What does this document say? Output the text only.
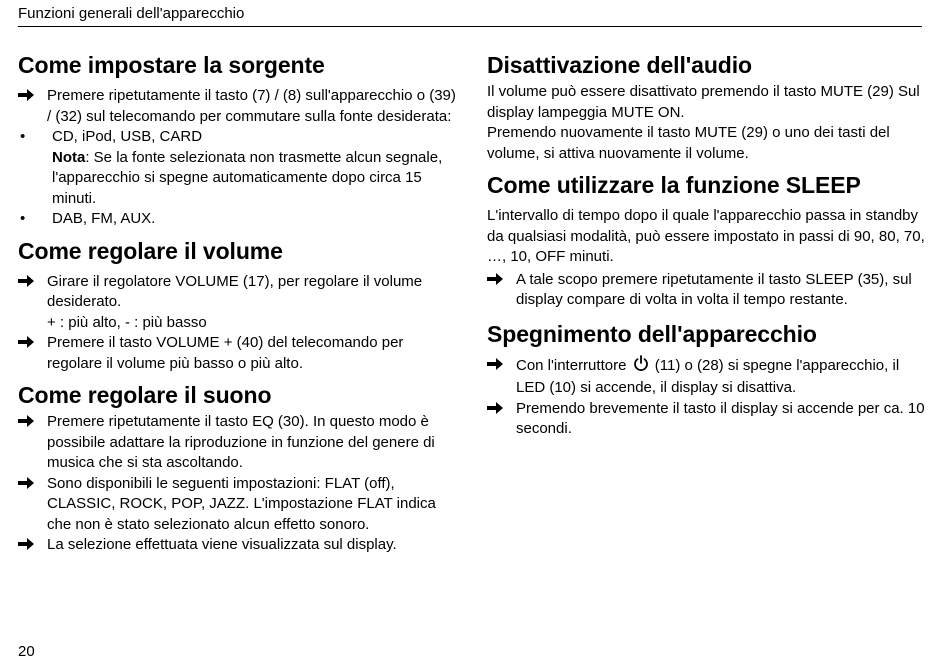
Funzioni generali dell'apparecchio
Come impostare la sorgente
Premere ripetutamente il tasto (7) / (8) sull'apparecchio o (39) / (32) sul telecomando per commutare sulla fonte desiderata:
•	CD, iPod, USB, CARD
Nota: Se la fonte selezionata non trasmette alcun segnale, l'apparecchio si spegne automaticamente dopo circa 15 minuti.
•	DAB, FM, AUX.
Come regolare il volume
Girare il regolatore VOLUME (17), per regolare il volume desiderato.
+ : più alto, - : più basso
Premere il tasto VOLUME + (40) del telecomando per regolare il volume più basso o più alto.
Come regolare il suono
Premere ripetutamente il tasto EQ (30). In questo modo è possibile adattare la riproduzione in funzione del genere di musica che si sta ascoltando.
Sono disponibili le seguenti impostazioni: FLAT (off), CLASSIC, ROCK, POP, JAZZ. L'impostazione FLAT indica che non è stato selezionato alcun effetto sonoro.
La selezione effettuata viene visualizzata sul display.
Disattivazione dell'audio
Il volume può essere disattivato premendo il tasto MUTE (29) Sul display lampeggia MUTE ON.
Premendo nuovamente il tasto MUTE (29) o uno dei tasti del volume, si attiva nuovamente il volume.
Come utilizzare la funzione SLEEP
L'intervallo di tempo dopo il quale l'apparecchio passa in standby da qualsiasi modalità, può essere impostato in passi di 90, 80, 70, …, 10, OFF minuti.
A tale scopo premere ripetutamente il tasto SLEEP (35), sul display compare di volta in volta il tempo restante.
Spegnimento dell'apparecchio
Con l'interruttore (11) o (28) si spegne l'apparecchio, il LED (10) si accende, il display si disattiva.
Premendo brevemente il tasto il display si accende per ca. 10 secondi.
20
